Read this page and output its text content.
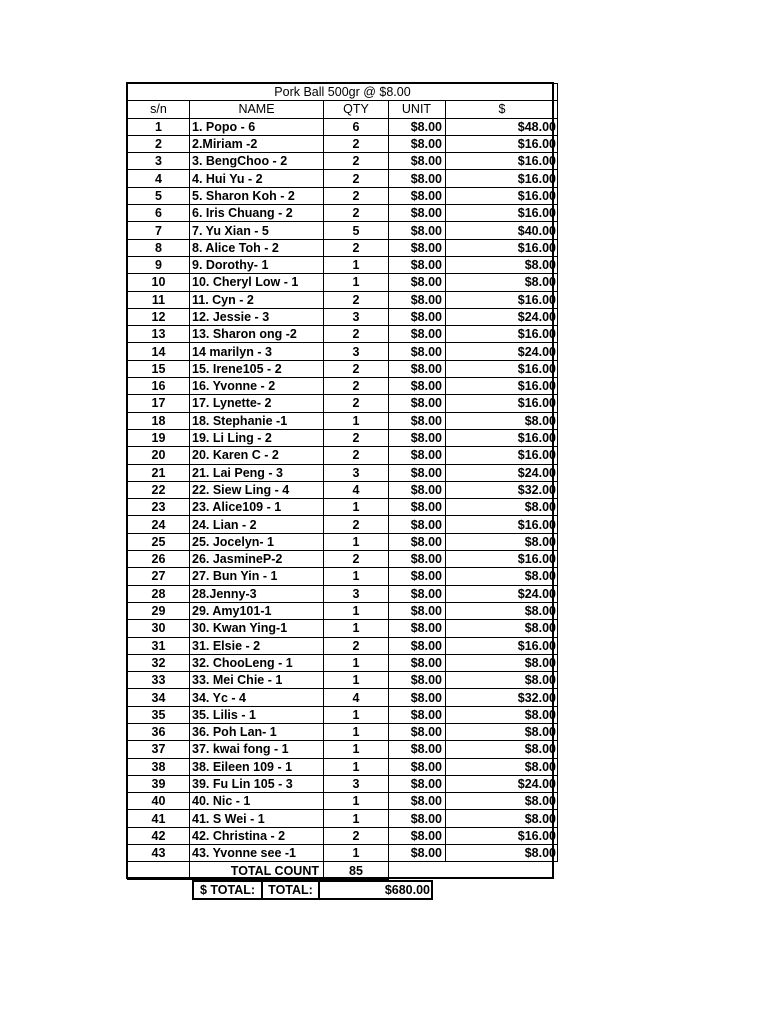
Pork Ball 500gr @ $8.00				
s/n	NAME	QTY	UNIT	$
1	1. Popo - 6	6	$8.00	$48.00
2	2.Miriam -2	2	$8.00	$16.00
3	3. BengChoo - 2	2	$8.00	$16.00
4	4. Hui Yu - 2	2	$8.00	$16.00
5	5. Sharon Koh - 2	2	$8.00	$16.00
6	6. Iris Chuang - 2	2	$8.00	$16.00
7	7. Yu Xian - 5	5	$8.00	$40.00
8	8. Alice Toh - 2	2	$8.00	$16.00
9	9. Dorothy- 1	1	$8.00	$8.00
10	10. Cheryl Low - 1	1	$8.00	$8.00
11	11. Cyn - 2	2	$8.00	$16.00
12	12. Jessie - 3	3	$8.00	$24.00
13	13. Sharon ong -2	2	$8.00	$16.00
14	14 marilyn - 3	3	$8.00	$24.00
15	15. Irene105 - 2	2	$8.00	$16.00
16	16. Yvonne - 2	2	$8.00	$16.00
17	17. Lynette- 2	2	$8.00	$16.00
18	18. Stephanie -1	1	$8.00	$8.00
19	19. Li Ling - 2	2	$8.00	$16.00
20	20. Karen C - 2	2	$8.00	$16.00
21	21. Lai Peng - 3	3	$8.00	$24.00
22	22. Siew Ling - 4	4	$8.00	$32.00
23	23. Alice109 - 1	1	$8.00	$8.00
24	24. Lian - 2	2	$8.00	$16.00
25	25. Jocelyn- 1	1	$8.00	$8.00
26	26. JasmineP-2	2	$8.00	$16.00
27	27. Bun Yin - 1	1	$8.00	$8.00
28	28.Jenny-3	3	$8.00	$24.00
29	29. Amy101-1	1	$8.00	$8.00
30	30. Kwan Ying-1	1	$8.00	$8.00
31	31. Elsie - 2	2	$8.00	$16.00
32	32. ChooLeng - 1	1	$8.00	$8.00
33	33. Mei Chie - 1	1	$8.00	$8.00
34	34. Yc - 4	4	$8.00	$32.00
35	35. Lilis - 1	1	$8.00	$8.00
36	36. Poh Lan- 1	1	$8.00	$8.00
37	37. kwai fong - 1	1	$8.00	$8.00
38	38. Eileen 109 - 1	1	$8.00	$8.00
39	39. Fu Lin 105 - 3	3	$8.00	$24.00
40	40. Nic - 1	1	$8.00	$8.00
41	41. S Wei - 1	1	$8.00	$8.00
42	42. Christina - 2	2	$8.00	$16.00
43	43. Yvonne see -1	1	$8.00	$8.00
	TOTAL COUNT	85		
$ TOTAL:	TOTAL:	$680.00
